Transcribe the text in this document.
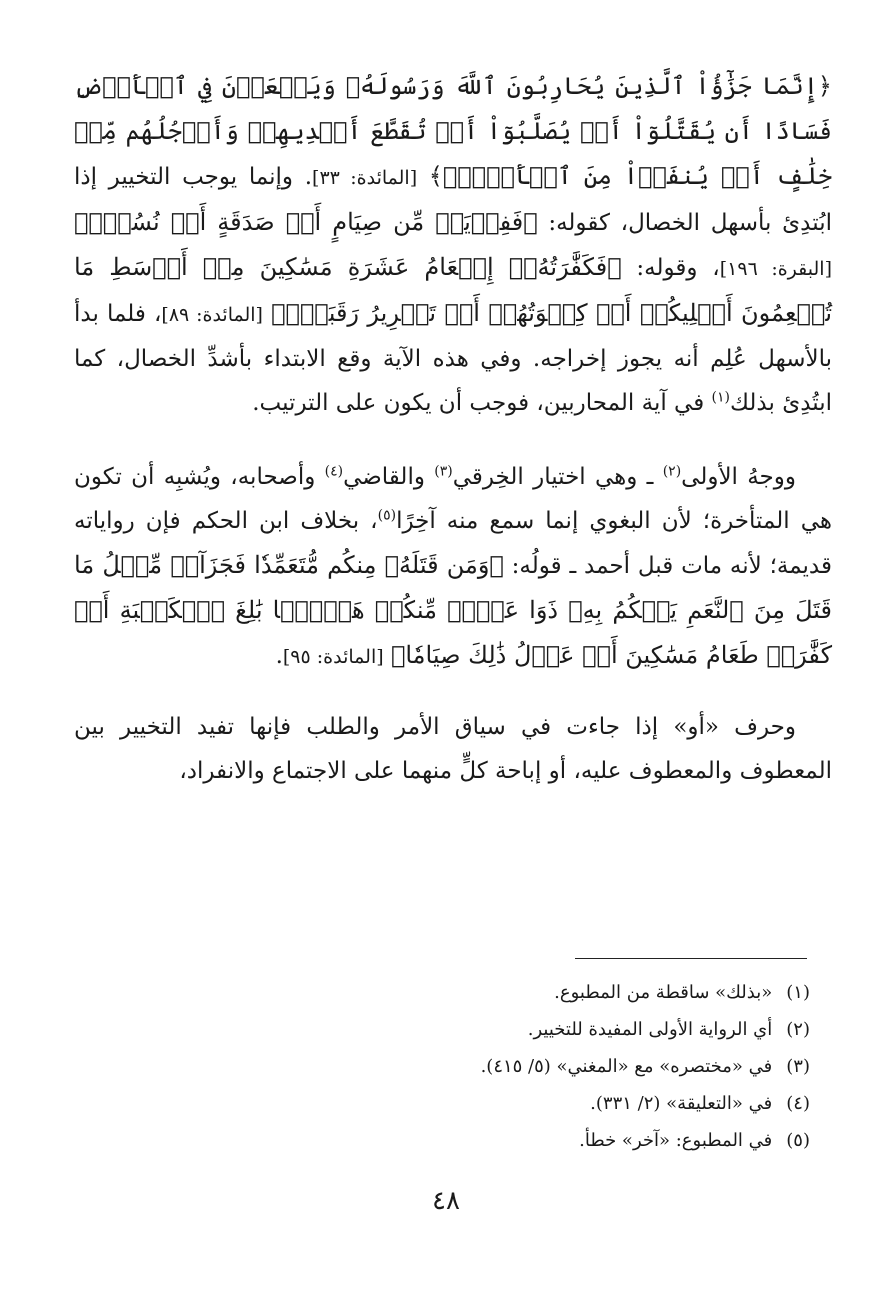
﴿إِنَّمَا جَزَٰٓؤُاْ ٱلَّذِينَ يُحَارِبُونَ ٱللَّهَ وَرَسُولَهُۥ وَيَسۡعَوۡنَ فِي ٱلۡأَرۡضِ فَسَادًا أَن يُقَتَّلُوٓاْ أَوۡ يُصَلَّبُوٓاْ أَوۡ تُقَطَّعَ أَيۡدِيهِمۡ وَأَرۡجُلُهُم مِّنۡ خِلَٰفٍ أَوۡ يُنفَوۡاْ مِنَ ٱلۡأَرۡضِۚ﴾ [المائدة: ٣٣]. وإنما يوجب التخيير إذا ابُتدِئ بأسهل الخصال، كقوله: ﴿فَفِدۡيَةٞ مِّن صِيَامٍ أَوۡ صَدَقَةٍ أَوۡ نُسُكٖۚ﴾ [البقرة: ١٩٦]، وقوله: ﴿فَكَفَّٰرَتُهُۥٓ إِطۡعَامُ عَشَرَةِ مَسَٰكِينَ مِنۡ أَوۡسَطِ مَا تُطۡعِمُونَ أَهۡلِيكُمۡ أَوۡ كِسۡوَتُهُمۡ أَوۡ تَحۡرِيرُ رَقَبَةٖۖ﴾ [المائدة: ٨٩]، فلما بدأ بالأسهل عُلِم أنه يجوز إخراجه. وفي هذه الآية وقع الابتداء بأشدِّ الخصال، كما ابتُدِئ بذلك$^{(١)}$ في آية المحاربين، فوجب أن يكون على الترتيب.

ووجهُ الأولى$^{(٢)}$ ـ وهي اختيار الخِرقي$^{(٣)}$ والقاضي$^{(٤)}$ وأصحابه، ويُشبِه أن تكون هي المتأخرة؛ لأن البغوي إنما سمع منه آخِرًا$^{(٥)}$، بخلاف ابن الحكم فإن رواياته قديمة؛ لأنه مات قبل أحمد ـ قولُه: ﴿وَمَن قَتَلَهُۥ مِنكُم مُّتَعَمِّدٗا فَجَزَآءٞ مِّثۡلُ مَا قَتَلَ مِنَ ٱلنَّعَمِ يَحۡكُمُ بِهِۦ ذَوَا عَدۡلٖ مِّنكُمۡ هَدۡيَۢا بَٰلِغَ ٱلۡكَعۡبَةِ أَوۡ كَفَّٰرَةٞ طَعَامُ مَسَٰكِينَ أَوۡ عَدۡلُ ذَٰلِكَ صِيَامٗا﴾ [المائدة: ٩٥].

وحرف «أو» إذا جاءت في سياق الأمر والطلب فإنها تفيد التخيير بين المعطوف والمعطوف عليه، أو إباحة كلٍّ منهما على الاجتماع والانفراد،

(١)«بذلك» ساقطة من المطبوع.
(٢)أي الرواية الأولى المفيدة للتخيير.
(٣)في «مختصره» مع «المغني» (٥/ ٤١٥).
(٤)في «التعليقة» (٢/ ٣٣١).
(٥)في المطبوع: «آخر» خطأ.
٤٨
